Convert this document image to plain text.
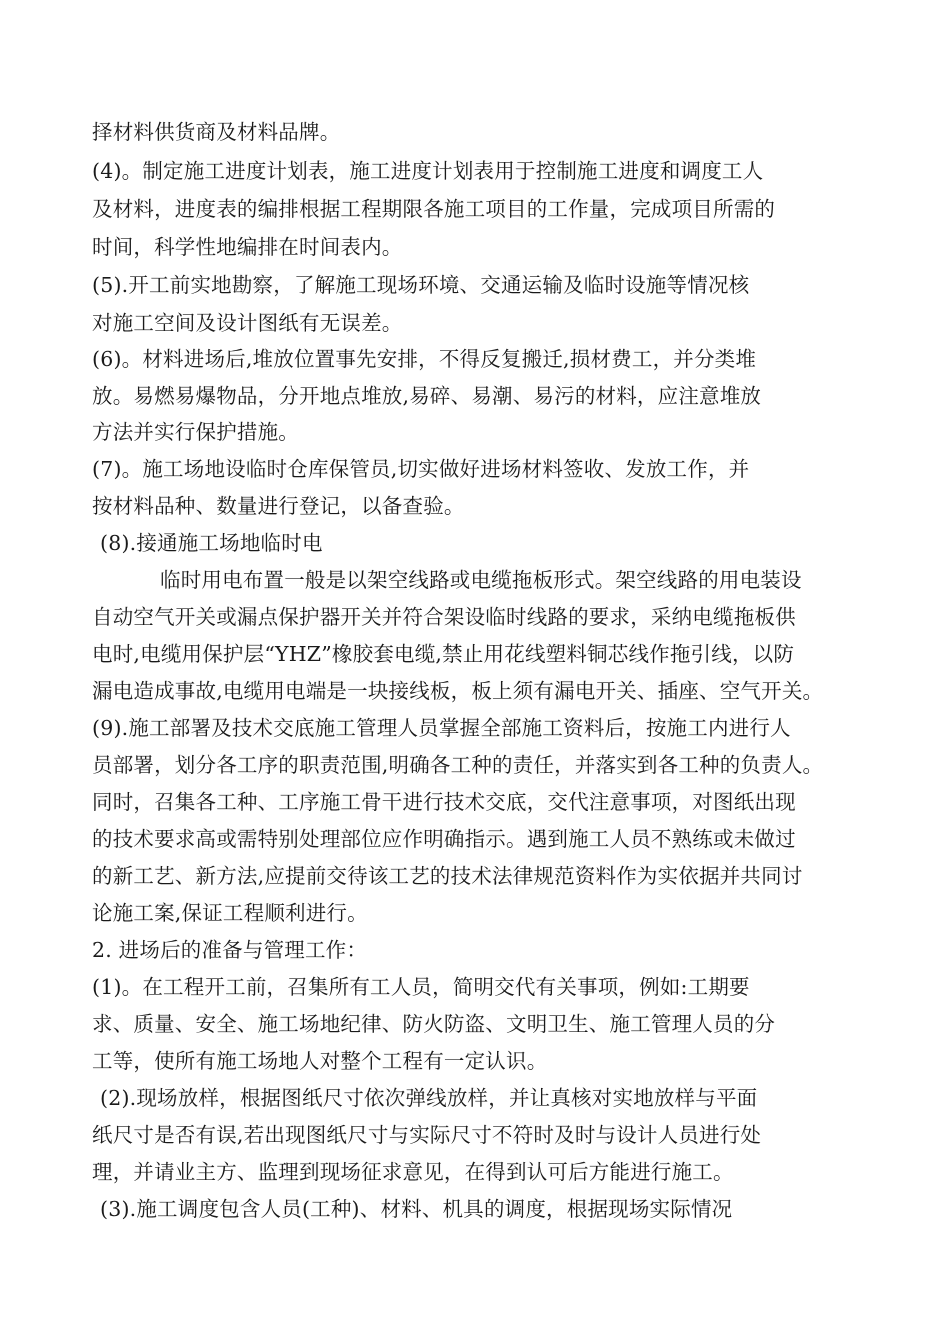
择材料供货商及材料品牌。
(4)。制定施工进度计划表，施工进度计划表用于控制施工进度和调度工人
及材料，进度表的编排根据工程期限各施工项目的工作量，完成项目所需的
时间，科学性地编排在时间表内。
(5).开工前实地勘察，了解施工现场环境、交通运输及临时设施等情况核
对施工空间及设计图纸有无误差。
(6)。材料进场后,堆放位置事先安排，不得反复搬迁,损材费工，并分类堆
放。易燃易爆物品，分开地点堆放,易碎、易潮、易污的材料，应注意堆放
方法并实行保护措施。
(7)。施工场地设临时仓库保管员,切实做好进场材料签收、发放工作，并
按材料品种、数量进行登记，以备查验。
(8).接通施工场地临时电
临时用电布置一般是以架空线路或电缆拖板形式。架空线路的用电装设
自动空气开关或漏点保护器开关并符合架设临时线路的要求，采纳电缆拖板供
电时,电缆用保护层“YHZ”橡胶套电缆,禁止用花线塑料铜芯线作拖引线，以防
漏电造成事故,电缆用电端是一块接线板，板上须有漏电开关、插座、空气开关。
(9).施工部署及技术交底施工管理人员掌握全部施工资料后，按施工内进行人
员部署，划分各工序的职责范围,明确各工种的责任，并落实到各工种的负责人。
同时，召集各工种、工序施工骨干进行技术交底，交代注意事项，对图纸出现
的技术要求高或需特别处理部位应作明确指示。遇到施工人员不熟练或未做过
的新工艺、新方法,应提前交待该工艺的技术法律规范资料作为实依据并共同讨
论施工案,保证工程顺利进行。
2. 进场后的准备与管理工作：
(1)。在工程开工前，召集所有工人员，简明交代有关事项，例如:工期要
求、质量、安全、施工场地纪律、防火防盗、文明卫生、施工管理人员的分
工等，使所有施工场地人对整个工程有一定认识。
(2).现场放样，根据图纸尺寸依次弹线放样，并让真核对实地放样与平面
纸尺寸是否有误,若出现图纸尺寸与实际尺寸不符时及时与设计人员进行处
理，并请业主方、监理到现场征求意见，在得到认可后方能进行施工。
(3).施工调度包含人员(工种)、材料、机具的调度，根据现场实际情况
